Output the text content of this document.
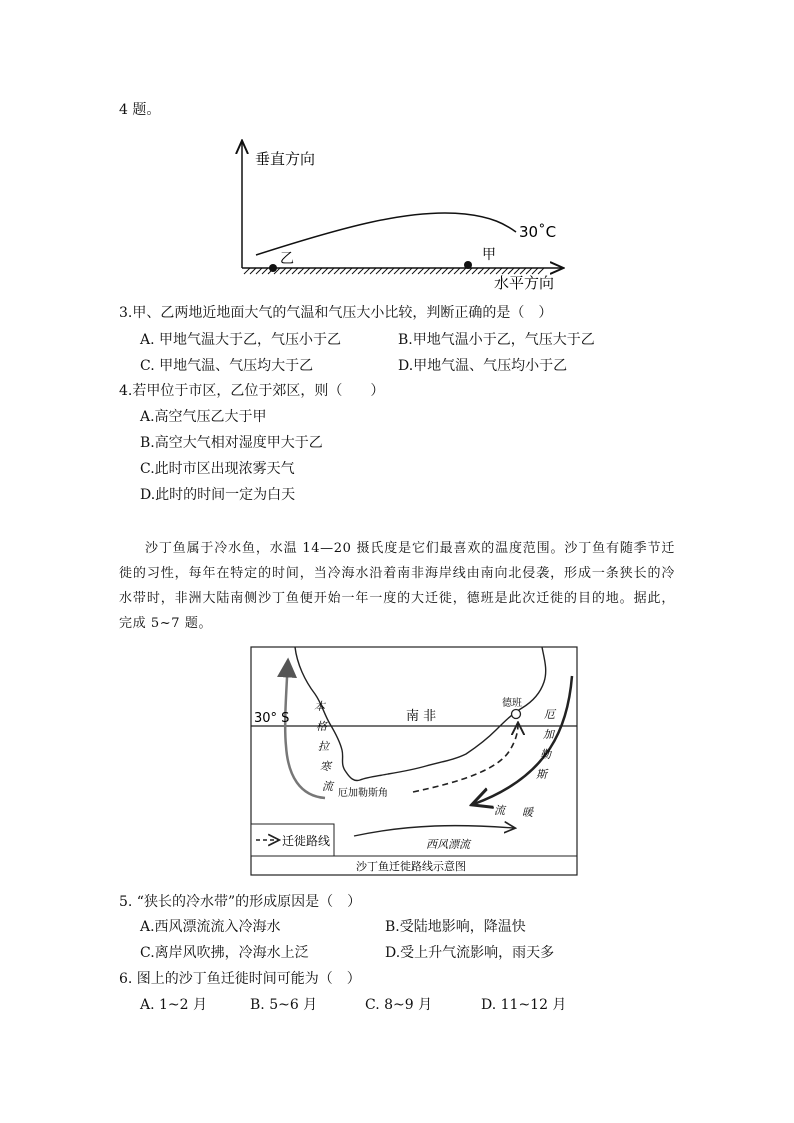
4 题。
垂直方向
30˚C
乙	甲
水平方向
3.甲、乙两地近地面大气的气温和气压大小比较，判断正确的是（　）
A. 甲地气温大于乙，气压小于乙	B.甲地气温小于乙，气压大于乙
C. 甲地气温、气压均大于乙	D.甲地气温、气压均小于乙
4.若甲位于市区，乙位于郊区，则（　　）
A.高空气压乙大于甲
B.高空大气相对湿度甲大于乙
C.此时市区出现浓雾天气
D.此时的时间一定为白天
沙丁鱼属于冷水鱼，水温 14—20 摄氏度是它们最喜欢的温度范围。沙丁鱼有随季节迁徙的习性，每年在特定的时间，当冷海水沿着南非海岸线由南向北侵袭，形成一条狭长的冷水带时，非洲大陆南侧沙丁鱼便开始一年一度的大迁徙，德班是此次迁徙的目的地。据此，完成 5~7 题。
30° S	南 非
德班
厄加勒斯角
西风漂流
迁徙路线
沙丁鱼迁徙路线示意图
本
格
拉
寒
流
厄
加
勒
斯
暖
流
5. “狭长的冷水带”的形成原因是（　）
A.西风漂流流入冷海水	B.受陆地影响，降温快
C.离岸风吹拂，冷海水上泛	D.受上升气流影响，雨天多
6. 图上的沙丁鱼迁徙时间可能为（　）
A. 1~2 月	B. 5~6 月	C. 8~9 月	D. 11~12 月
